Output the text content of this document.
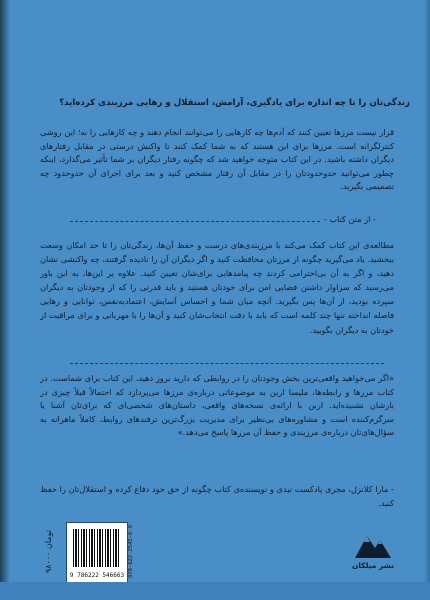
زندگی‌تان را تا چه اندازه برای یادگیری، آرامش، استقلال و رهایی مرزبندی کرده‌اید؟
قرار نیست مرزها تعیین کنند که آدم‌ها چه کارهایی را می‌توانند انجام دهند و چه کارهایی را نه؛ این روشی کنترلگرانه است. مرزها برای این هستند که به شما کمک کنند تا واکنش درستی در مقابل رفتارهای دیگران داشته باشید. در این کتاب متوجه خواهید شد که چگونه رفتار دیگران بر شما تأثیر می‌گذارد، اینکه چطور می‌توانید حدوحدودتان را در مقابل آن رفتار مشخص کنید و بعد برای اجرای آن حدوحدود چه تصمیمی بگیرید.
- از متن کتاب -
مطالعه‌ی این کتاب کمک می‌کند با مرزبندی‌های درست و حفظ آن‌ها، زندگی‌تان را تا حد امکان وسعت ببخشید. یاد می‌گیرید چگونه از مرزتان محافظت کنید و اگر دیگران آن را نادیده گرفتند، چه واکنشی نشان دهید، و اگر به آن بی‌احترامی کردند چه پیامدهایی برای‌شان تعیین کنید. علاوه بر این‌ها، به این باور می‌رسید که سزاوار داشتن فضایی امن برای خودتان هستید و باید قدرتی را که از وجودتان به دیگران سپرده بودید، از آن‌ها پس بگیرید. آنچه میان شما و احساس آسایش، اعتمادبه‌نفس، توانایی و رهایی فاصله انداخته تنها چند کلمه است که باید با دقت انتخاب‌شان کنید و آن‌ها را با مهربانی و برای مراقبت از خودتان به دیگران بگویید.
«اگر می‌خواهید واقعی‌ترین بخش وجودتان را در روابطی که دارید بروز دهید، این کتاب برای شماست. در کتاب مرزها و رابطه‌ها، ملیسا اربن به موضوعاتی درباره‌ی مرزها می‌پردازد که احتمالاً قبلاً چیزی در بارشان نشنیده‌اید. اربن با ارائه‌ی نسخه‌های واقعی، داستان‌های شخصی‌ای که برای‌تان آشنا یا سرگرم‌کننده است و مشاوره‌های بی‌نظیر برای مدیریت بزرگ‌ترین ترفندهای روابط، کاملاً ماهرانه به سؤال‌های‌تان درباره‌ی مرزبندی و حفظ آن مرزها پاسخ می‌دهد.»
- مارا کلانزل، مجری پادکست نیدی و نویسنده‌ی کتاب چگونه از حق خود دفاع کرده و استقلال‌تان را حفظ کنید.
۹۸۰۰۰ تومان
9 786222 546663 978-622-2545-6-9	نشر میلکان
